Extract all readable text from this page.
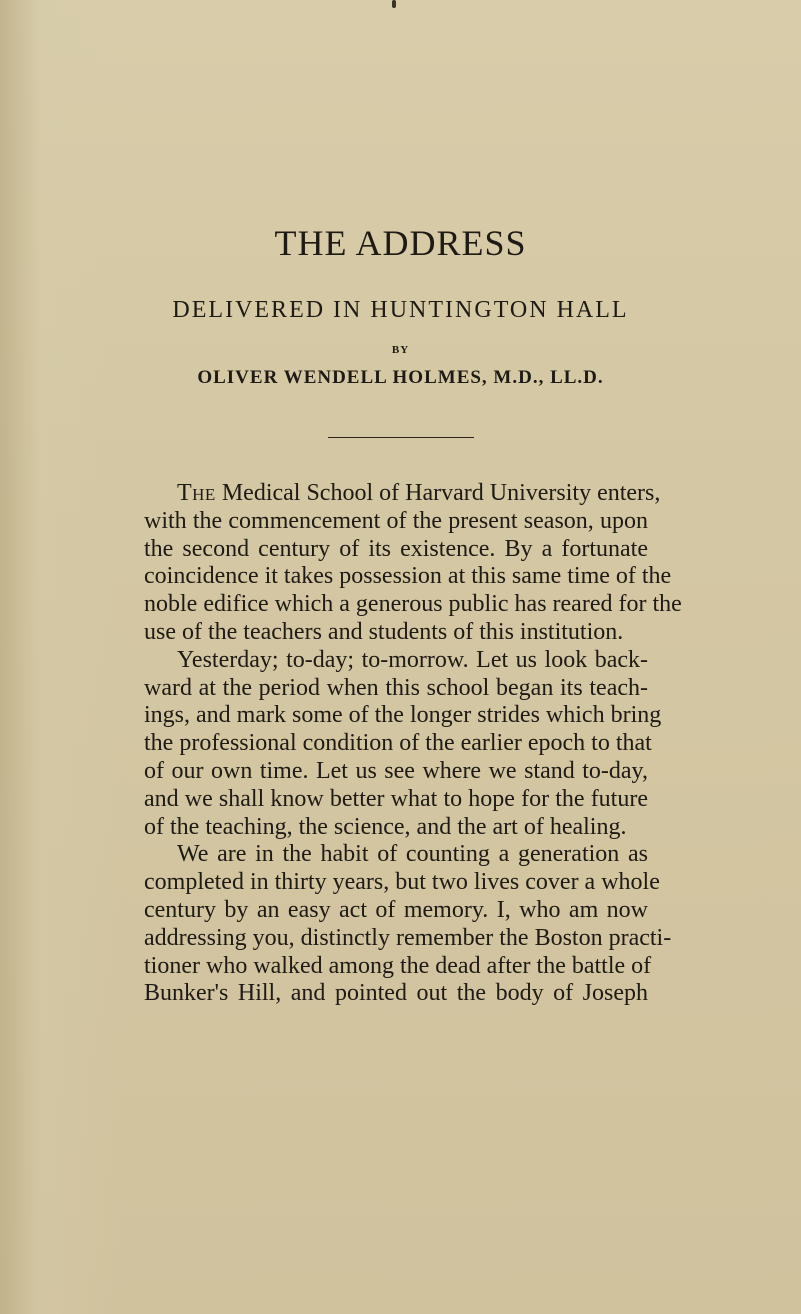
THE ADDRESS
DELIVERED IN HUNTINGTON HALL
BY
OLIVER WENDELL HOLMES, M.D., LL.D.
The Medical School of Harvard University enters,
with the commencement of the present season, upon
the second century of its existence. By a fortunate
coincidence it takes possession at this same time of the
noble edifice which a generous public has reared for the
use of the teachers and students of this institution.
Yesterday; to-day; to-morrow. Let us look back-
ward at the period when this school began its teach-
ings, and mark some of the longer strides which bring
the professional condition of the earlier epoch to that
of our own time. Let us see where we stand to-day,
and we shall know better what to hope for the future
of the teaching, the science, and the art of healing.
We are in the habit of counting a generation as
completed in thirty years, but two lives cover a whole
century by an easy act of memory. I, who am now
addressing you, distinctly remember the Boston practi-
tioner who walked among the dead after the battle of
Bunker's Hill, and pointed out the body of Joseph
